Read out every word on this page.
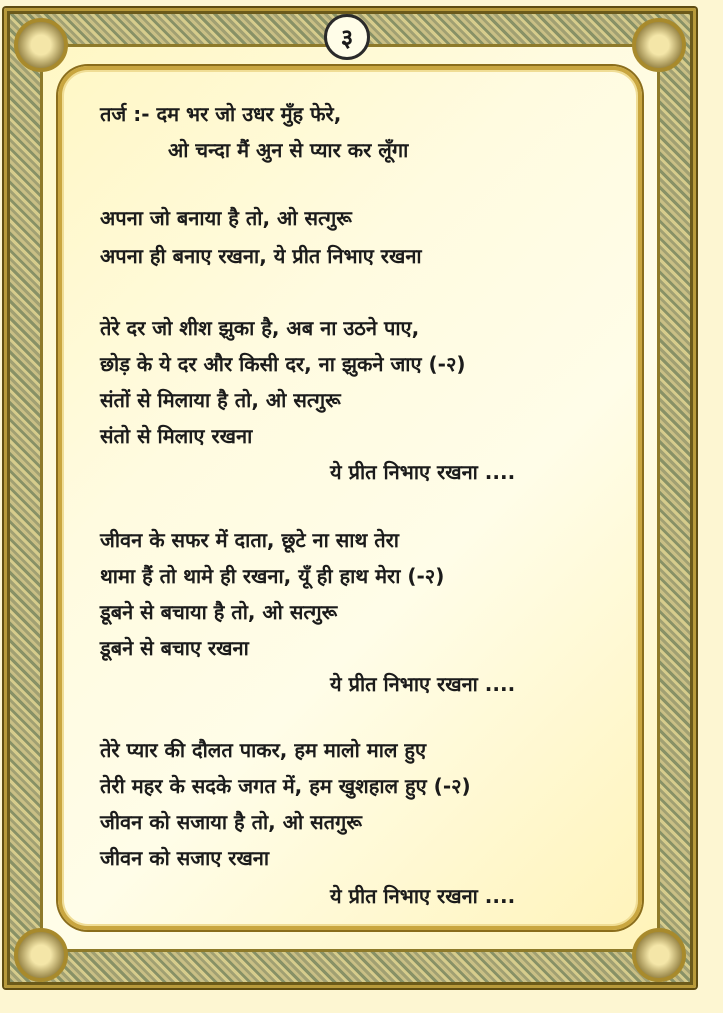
३
तर्ज :- दम भर जो उधर मुँह फेरे,
ओ चन्दा मैं अुन से प्यार कर लूँगा
अपना जो बनाया है तो, ओ सत्गुरू
अपना ही बनाए रखना, ये प्रीत निभाए रखना
तेरे दर जो शीश झुका है, अब ना उठने पाए,
छोड़ के ये दर और किसी दर, ना झुकने जाए (-२)
संतों से मिलाया है तो, ओ सत्गुरू
संतो से मिलाए रखना
ये प्रीत निभाए रखना ....
जीवन के सफर में दाता, छूटे ना साथ तेरा
थामा हैं तो थामे ही रखना, यूँ ही हाथ मेरा (-२)
डूबने से बचाया है तो, ओ सत्गुरू
डूबने से बचाए रखना
ये प्रीत निभाए रखना ....
तेरे प्यार की दौलत पाकर, हम मालो माल हुए
तेरी महर के सदके जगत में, हम खुशहाल हुए (-२)
जीवन को सजाया है तो, ओ सतगुरू
जीवन को सजाए रखना
ये प्रीत निभाए रखना ....
